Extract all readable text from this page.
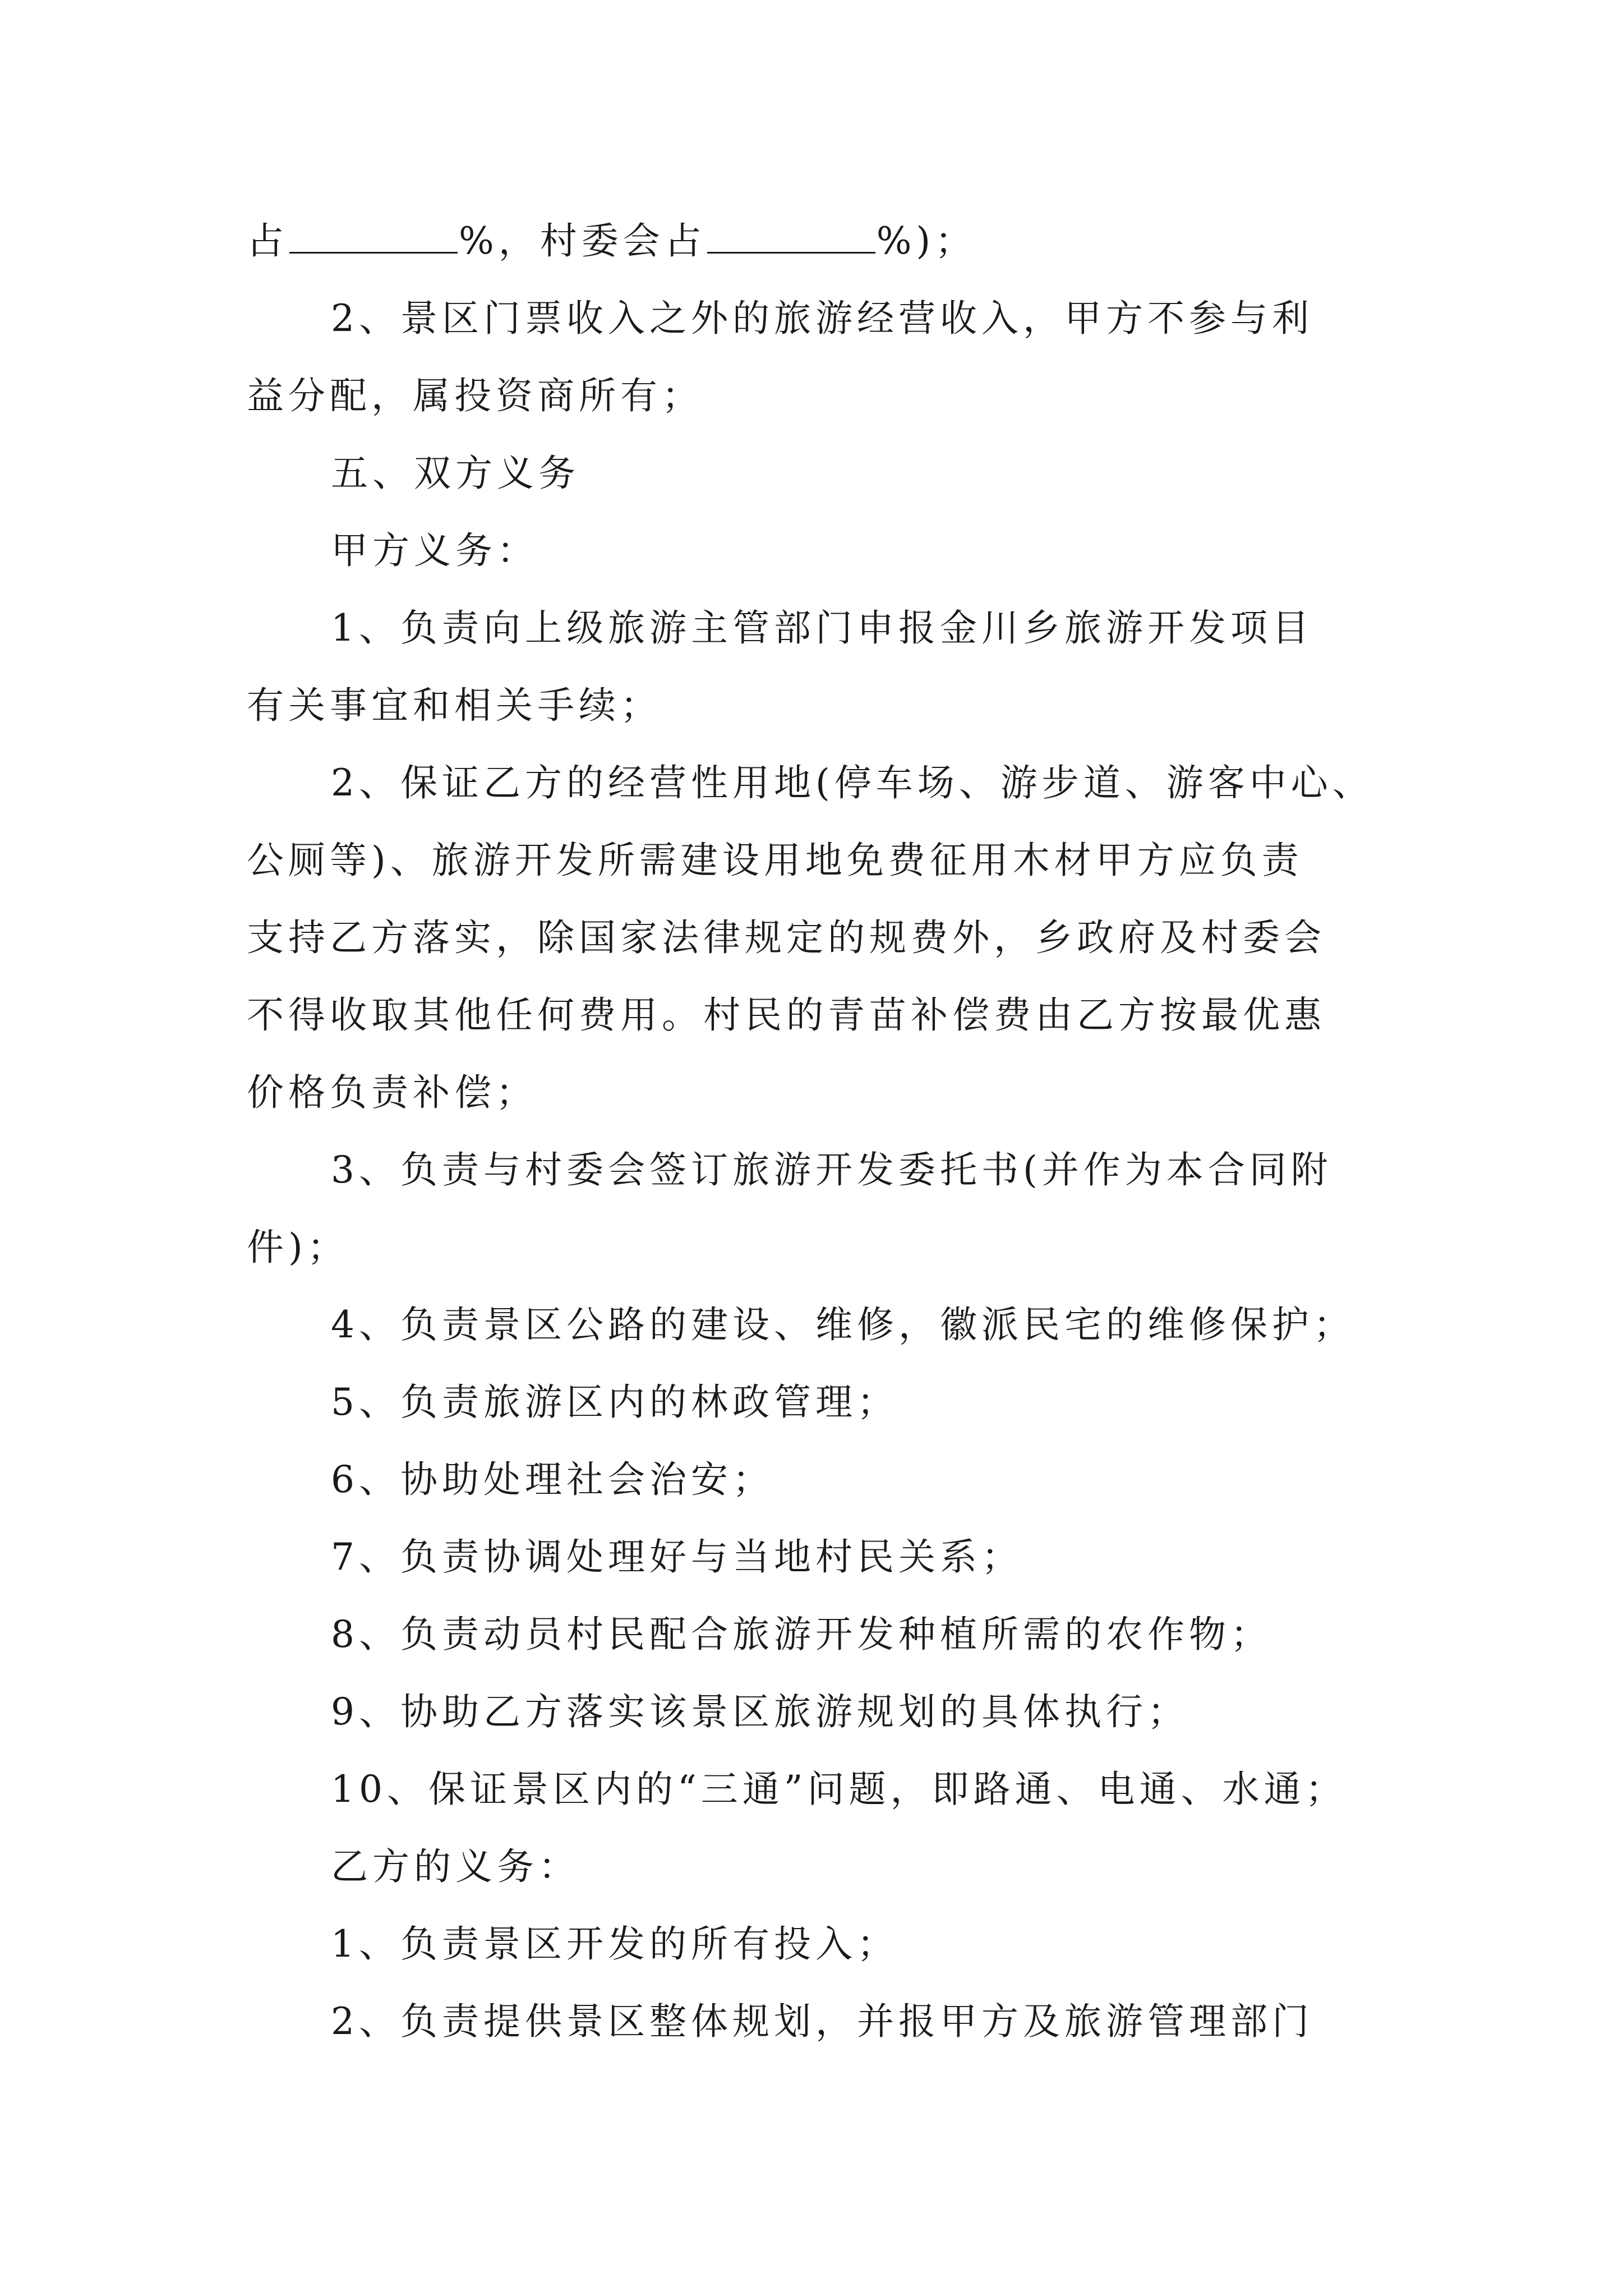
占	%，村委会占	%)；
2、景区门票收入之外的旅游经营收入，甲方不参与利
益分配，属投资商所有；
五、双方义务
甲方义务：
1、负责向上级旅游主管部门申报金川乡旅游开发项目
有关事宜和相关手续；
2、保证乙方的经营性用地(停车场、游步道、游客中心、
公厕等)、旅游开发所需建设用地免费征用木材甲方应负责
支持乙方落实，除国家法律规定的规费外，乡政府及村委会
不得收取其他任何费用。村民的青苗补偿费由乙方按最优惠
价格负责补偿；
3、负责与村委会签订旅游开发委托书(并作为本合同附
件)；
4、负责景区公路的建设、维修，徽派民宅的维修保护；
5、负责旅游区内的林政管理；
6、协助处理社会治安；
7、负责协调处理好与当地村民关系；
8、负责动员村民配合旅游开发种植所需的农作物；
9、协助乙方落实该景区旅游规划的具体执行；
10、保证景区内的“三通”问题，即路通、电通、水通；
乙方的义务：
1、负责景区开发的所有投入；
2、负责提供景区整体规划，并报甲方及旅游管理部门
